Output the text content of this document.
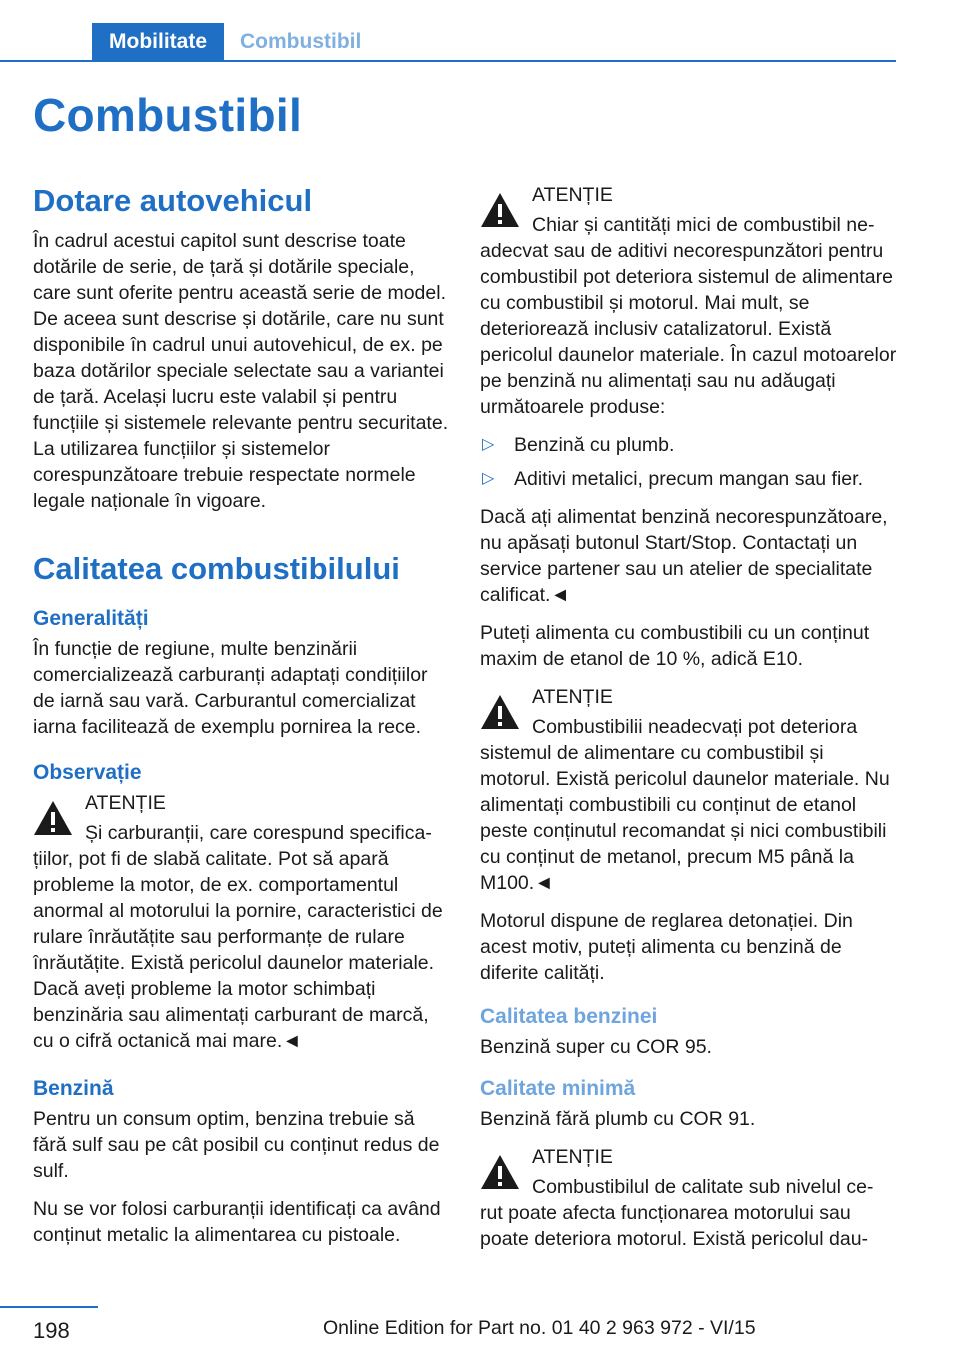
Mobilitate	Combustibil
Combustibil
Dotare autovehicul
În cadrul acestui capitol sunt descrise toate dotările de serie, de țară și dotările speciale, care sunt oferite pentru această serie de model. De aceea sunt descrise și dotările, care nu sunt disponibile în cadrul unui autovehicul, de ex. pe baza dotărilor speciale selectate sau a variantei de țară. Același lucru este valabil și pentru funcțiile și sistemele relevante pentru securitate. La utilizarea funcțiilor și sistemelor corespunzătoare trebuie respectate normele legale naționale în vigoare.
Calitatea combustibilului
Generalități
În funcție de regiune, multe benzinării comercializează carburanți adaptați condițiilor de iarnă sau vară. Carburantul comercializat iarna facilitează de exemplu pornirea la rece.
Observație
ATENȚIE
Și carburanții, care corespund specifica-
țiilor, pot fi de slabă calitate. Pot să apară probleme la motor, de ex. comportamentul anormal al motorului la pornire, caracteristici de rulare înrăutățite sau performanțe de rulare înrăutățite. Există pericolul daunelor materiale. Dacă aveți probleme la motor schimbați benzinăria sau alimentați carburant de marcă, cu o cifră octanică mai mare.◄
Benzină
Pentru un consum optim, benzina trebuie să fără sulf sau pe cât posibil cu conținut redus de sulf.
Nu se vor folosi carburanții identificați ca având conținut metalic la alimentarea cu pistoale.
ATENȚIE
Chiar și cantități mici de combustibil ne-
adecvat sau de aditivi necorespunzători pentru combustibil pot deteriora sistemul de alimentare cu combustibil și motorul. Mai mult, se deteriorează inclusiv catalizatorul. Există pericolul daunelor materiale. În cazul motoarelor pe benzină nu alimentați sau nu adăugați următoarele produse:
▷ Benzină cu plumb.
▷ Aditivi metalici, precum mangan sau fier.
Dacă ați alimentat benzină necorespunzătoare, nu apăsați butonul Start/Stop. Contactați un service partener sau un atelier de specialitate calificat.◄
Puteți alimenta cu combustibili cu un conținut maxim de etanol de 10 %, adică E10.
ATENȚIE
Combustibilii neadecvați pot deteriora
sistemul de alimentare cu combustibil și motorul. Există pericolul daunelor materiale. Nu alimentați combustibili cu conținut de etanol peste conținutul recomandat și nici combustibili cu conținut de metanol, precum M5 până la M100.◄
Motorul dispune de reglarea detonației. Din acest motiv, puteți alimenta cu benzină de diferite calități.
Calitatea benzinei
Benzină super cu COR 95.
Calitate minimă
Benzină fără plumb cu COR 91.
ATENȚIE
Combustibilul de calitate sub nivelul ce-
rut poate afecta funcționarea motorului sau poate deteriora motorul. Există pericolul dau-
198	Online Edition for Part no. 01 40 2 963 972 - VI/15
